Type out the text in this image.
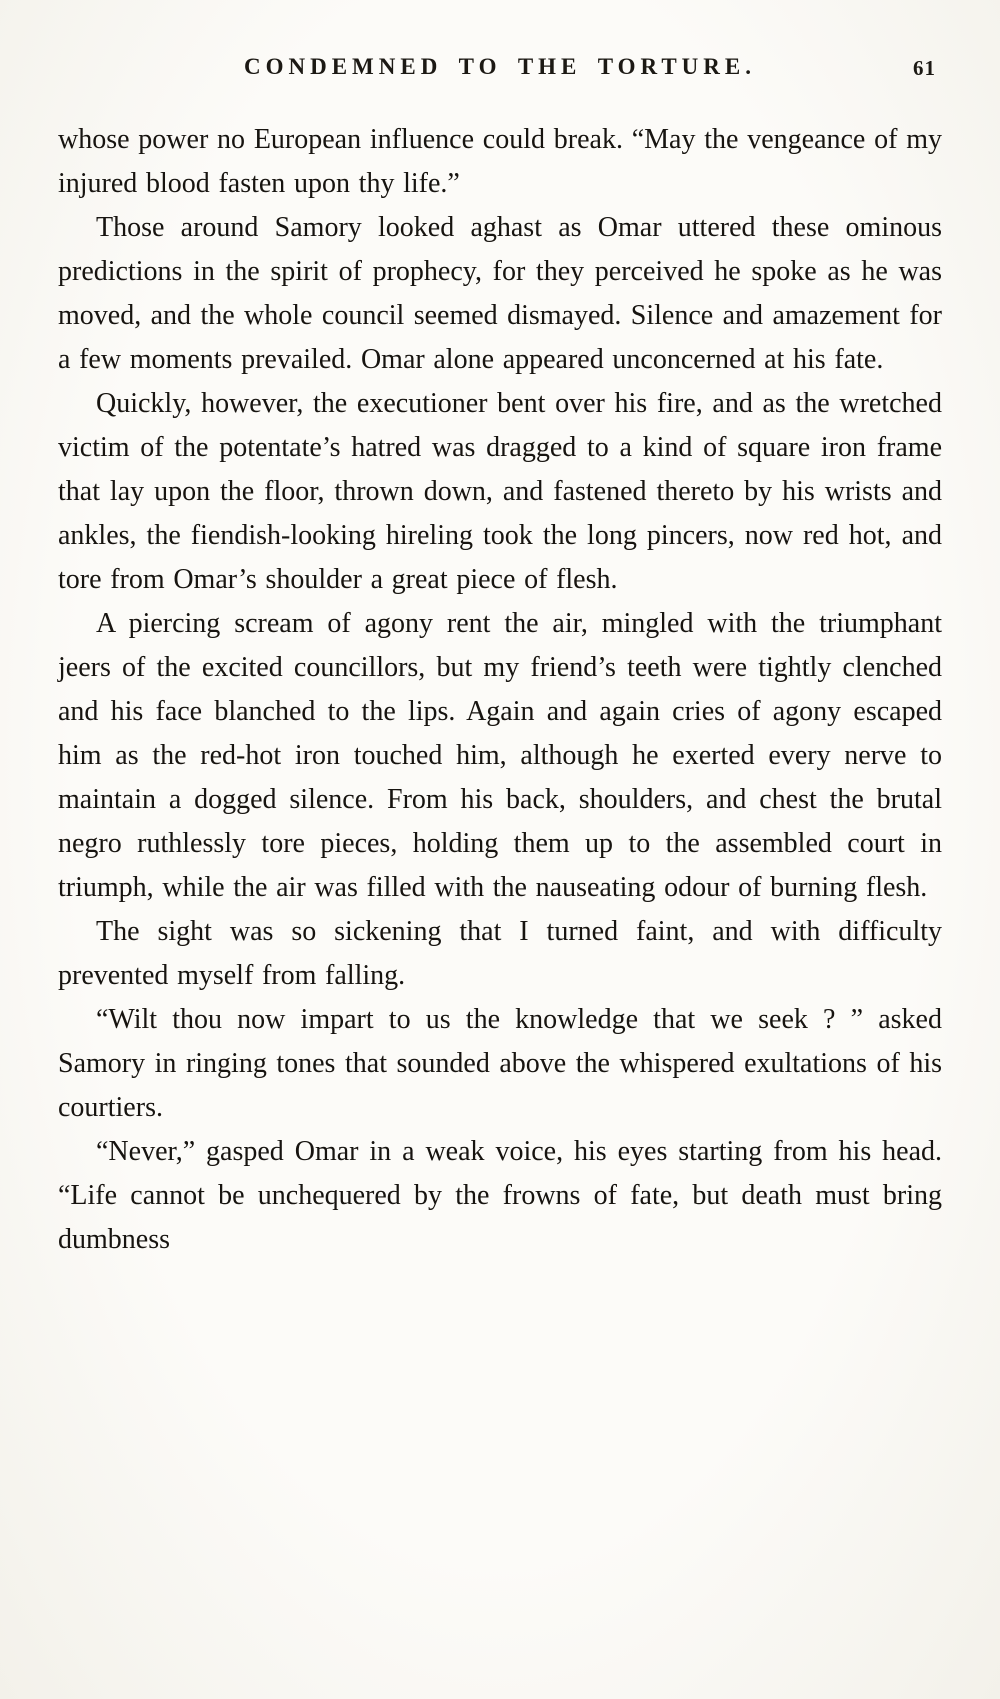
CONDEMNED TO THE TORTURE.	61

whose power no European influence could break. “May the vengeance of my injured blood fasten upon thy life.”

Those around Samory looked aghast as Omar uttered these ominous predictions in the spirit of prophecy, for they perceived he spoke as he was moved, and the whole council seemed dismayed. Silence and amazement for a few moments prevailed. Omar alone appeared unconcerned at his fate.

Quickly, however, the executioner bent over his fire, and as the wretched victim of the potentate’s hatred was dragged to a kind of square iron frame that lay upon the floor, thrown down, and fastened thereto by his wrists and ankles, the fiendish-looking hireling took the long pincers, now red hot, and tore from Omar’s shoulder a great piece of flesh.

A piercing scream of agony rent the air, mingled with the triumphant jeers of the excited councillors, but my friend’s teeth were tightly clenched and his face blanched to the lips. Again and again cries of agony escaped him as the red-hot iron touched him, although he exerted every nerve to maintain a dogged silence. From his back, shoulders, and chest the brutal negro ruthlessly tore pieces, holding them up to the assembled court in triumph, while the air was filled with the nauseating odour of burning flesh.

The sight was so sickening that I turned faint, and with difficulty prevented myself from falling.

“Wilt thou now impart to us the knowledge that we seek ? ” asked Samory in ringing tones that sounded above the whispered exultations of his courtiers.

“Never,” gasped Omar in a weak voice, his eyes starting from his head. “Life cannot be unchequered by the frowns of fate, but death must bring dumbness
